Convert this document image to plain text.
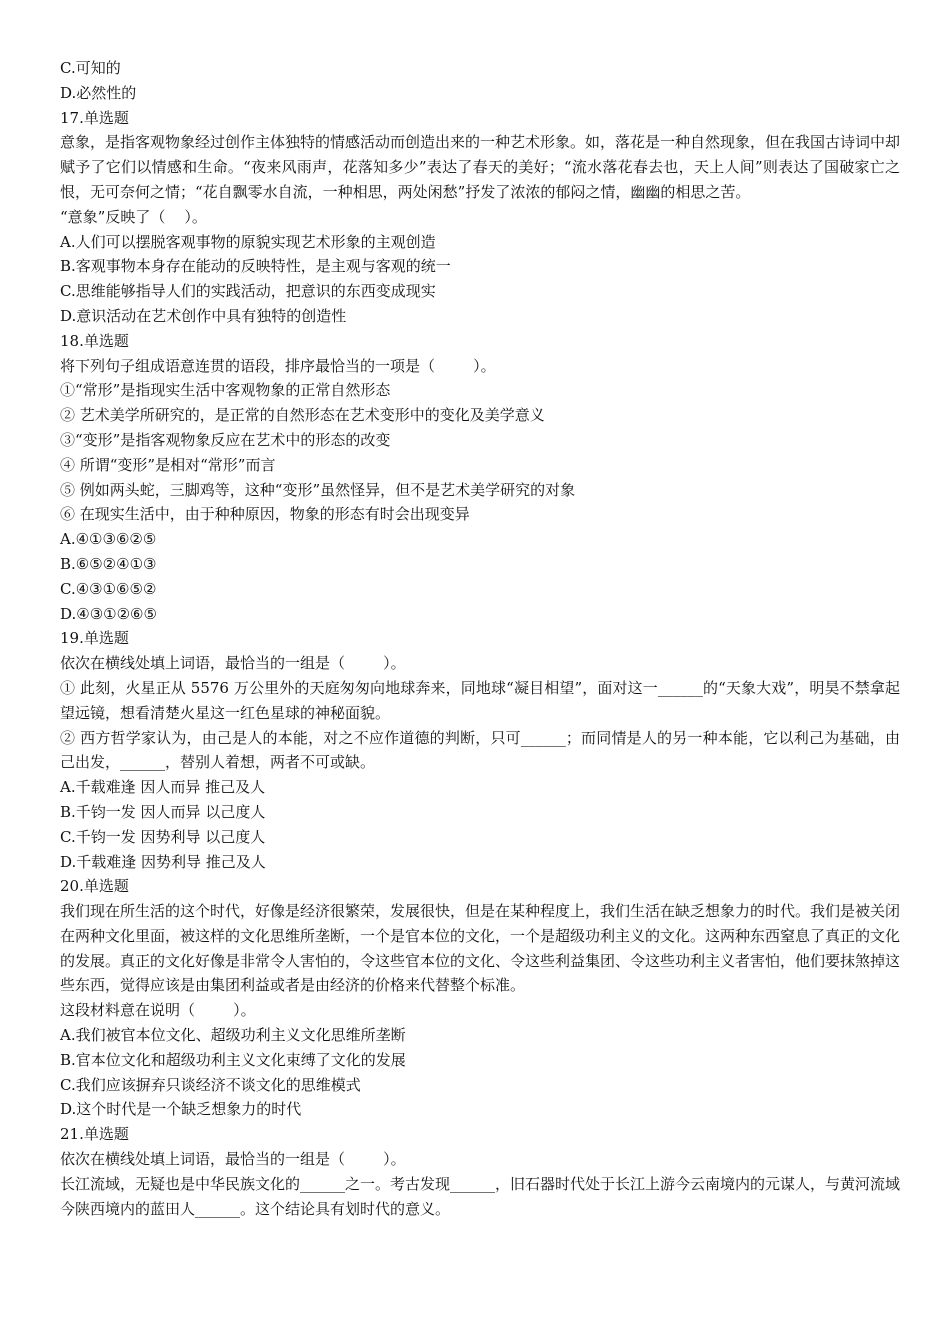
C.可知的

D.必然性的

17.单选题

意象，是指客观物象经过创作主体独特的情感活动而创造出来的一种艺术形象。如，落花是一种自然现象，但在我国古诗词中却赋予了它们以情感和生命。“夜来风雨声，花落知多少”表达了春天的美好；“流水落花春去也，天上人间”则表达了国破家亡之恨，无可奈何之情；“花自飘零水自流，一种相思，两处闲愁”抒发了浓浓的郁闷之情，幽幽的相思之苦。

“意象”反映了（    ）。

A.人们可以摆脱客观事物的原貌实现艺术形象的主观创造

B.客观事物本身存在能动的反映特性，是主观与客观的统一

C.思维能够指导人们的实践活动，把意识的东西变成现实

D.意识活动在艺术创作中具有独特的创造性

18.单选题

将下列句子组成语意连贯的语段，排序最恰当的一项是（        ）。

①“常形”是指现实生活中客观物象的正常自然形态

② 艺术美学所研究的，是正常的自然形态在艺术变形中的变化及美学意义

③“变形”是指客观物象反应在艺术中的形态的改变

④ 所谓“变形”是相对“常形”而言

⑤ 例如两头蛇，三脚鸡等，这种“变形”虽然怪异，但不是艺术美学研究的对象

⑥ 在现实生活中，由于种种原因，物象的形态有时会出现变异

A.④①③⑥②⑤

B.⑥⑤②④①③

C.④③①⑥⑤②

D.④③①②⑥⑤

19.单选题

依次在横线处填上词语，最恰当的一组是（        ）。

① 此刻，火星正从 5576 万公里外的天庭匆匆向地球奔来，同地球“凝目相望”，面对这一______的“天象大戏”，明昊不禁拿起望远镜，想看清楚火星这一红色星球的神秘面貌。

② 西方哲学家认为，由己是人的本能，对之不应作道德的判断，只可______；而同情是人的另一种本能，它以利己为基础，由己出发，______，替别人着想，两者不可或缺。

A.千载难逢 因人而异 推己及人

B.千钧一发 因人而异 以己度人

C.千钧一发 因势利导 以己度人

D.千载难逢 因势利导 推己及人

20.单选题

我们现在所生活的这个时代，好像是经济很繁荣，发展很快，但是在某种程度上，我们生活在缺乏想象力的时代。我们是被关闭在两种文化里面，被这样的文化思维所垄断，一个是官本位的文化，一个是超级功利主义的文化。这两种东西窒息了真正的文化的发展。真正的文化好像是非常令人害怕的，令这些官本位的文化、令这些利益集团、令这些功利主义者害怕，他们要抹煞掉这些东西，觉得应该是由集团利益或者是由经济的价格来代替整个标准。

这段材料意在说明（        ）。

A.我们被官本位文化、超级功利主义文化思维所垄断

B.官本位文化和超级功利主义文化束缚了文化的发展

C.我们应该摒弃只谈经济不谈文化的思维模式

D.这个时代是一个缺乏想象力的时代

21.单选题

依次在横线处填上词语，最恰当的一组是（        ）。

长江流域，无疑也是中华民族文化的______之一。考古发现______，旧石器时代处于长江上游今云南境内的元谋人，与黄河流域今陕西境内的蓝田人______。这个结论具有划时代的意义。
